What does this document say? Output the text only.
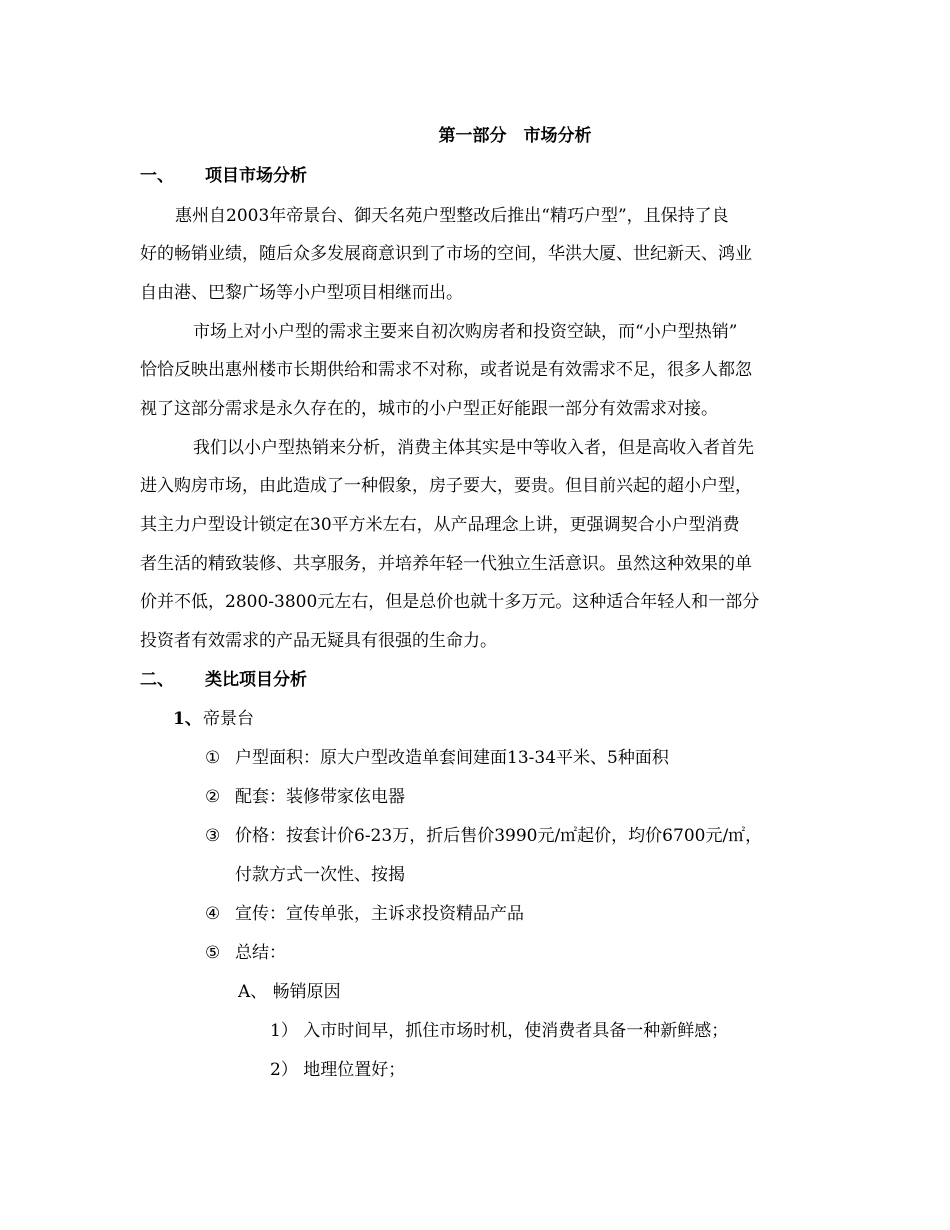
第一部分　市场分析
一、 项目市场分析
惠州自2003年帝景台、御天名苑户型整改后推出“精巧户型”，且保持了良
好的畅销业绩，随后众多发展商意识到了市场的空间，华洪大厦、世纪新天、鸿业
自由港、巴黎广场等小户型项目相继而出。
市场上对小户型的需求主要来自初次购房者和投资空缺，而“小户型热销”
恰恰反映出惠州楼市长期供给和需求不对称，或者说是有效需求不足，很多人都忽
视了这部分需求是永久存在的，城市的小户型正好能跟一部分有效需求对接。
我们以小户型热销来分析，消费主体其实是中等收入者，但是高收入者首先
进入购房市场，由此造成了一种假象，房子要大，要贵。但目前兴起的超小户型，
其主力户型设计锁定在30平方米左右，从产品理念上讲，更强调契合小户型消费
者生活的精致装修、共享服务，并培养年轻一代独立生活意识。虽然这种效果的单
价并不低，2800-3800元左右，但是总价也就十多万元。这种适合年轻人和一部分
投资者有效需求的产品无疑具有很强的生命力。
二、 类比项目分析
1、 帝景台
① 户型面积：原大户型改造单套间建面13-34平米、5种面积
② 配套：装修带家伭电器
③ 价格：按套计价6-23万，折后售价3990元/㎡起价，均价6700元/㎡，
付款方式一次性、按揭
④ 宣传：宣传单张，主诉求投资精品产品
⑤ 总结：
A、 畅销原因
1） 入市时间早，抓住市场时机，使消费者具备一种新鲜感；
2） 地理位置好；
